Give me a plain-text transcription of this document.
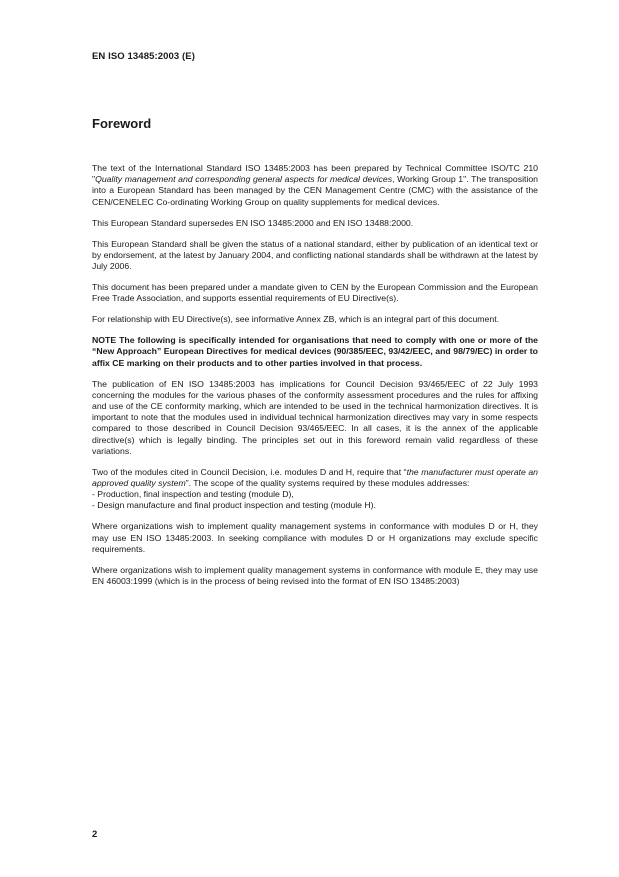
EN ISO 13485:2003 (E)
Foreword

The text of the International Standard ISO 13485:2003 has been prepared by Technical Committee ISO/TC 210 "Quality management and corresponding general aspects for medical devices, Working Group 1". The transposition into a European Standard has been managed by the CEN Management Centre (CMC) with the assistance of the CEN/CENELEC Co-ordinating Working Group on quality supplements for medical devices.

This European Standard supersedes EN ISO 13485:2000 and EN ISO 13488:2000.

This European Standard shall be given the status of a national standard, either by publication of an identical text or by endorsement, at the latest by January 2004, and conflicting national standards shall be withdrawn at the latest by July 2006.

This document has been prepared under a mandate given to CEN by the European Commission and the European Free Trade Association, and supports essential requirements of EU Directive(s).

For relationship with EU Directive(s), see informative Annex ZB, which is an integral part of this document.

NOTE The following is specifically intended for organisations that need to comply with one or more of the “New Approach” European Directives for medical devices (90/385/EEC, 93/42/EEC, and 98/79/EC) in order to affix CE marking on their products and to other parties involved in that process.

The publication of EN ISO 13485:2003 has implications for Council Decision 93/465/EEC of 22 July 1993 concerning the modules for the various phases of the conformity assessment procedures and the rules for affixing and use of the CE conformity marking, which are intended to be used in the technical harmonization directives. It is important to note that the modules used in individual technical harmonization directives may vary in some respects compared to those described in Council Decision 93/465/EEC. In all cases, it is the annex of the applicable directive(s) which is legally binding. The principles set out in this foreword remain valid regardless of these variations.

Two of the modules cited in Council Decision, i.e. modules D and H, require that “the manufacturer must operate an approved quality system”. The scope of the quality systems required by these modules addresses:
- Production, final inspection and testing (module D),
- Design manufacture and final product inspection and testing (module H).

Where organizations wish to implement quality management systems in conformance with modules D or H, they may use EN ISO 13485:2003. In seeking compliance with modules D or H organizations may exclude specific requirements.

Where organizations wish to implement quality management systems in conformance with module E, they may use EN 46003:1999 (which is in the process of being revised into the format of EN ISO 13485:2003)

2
